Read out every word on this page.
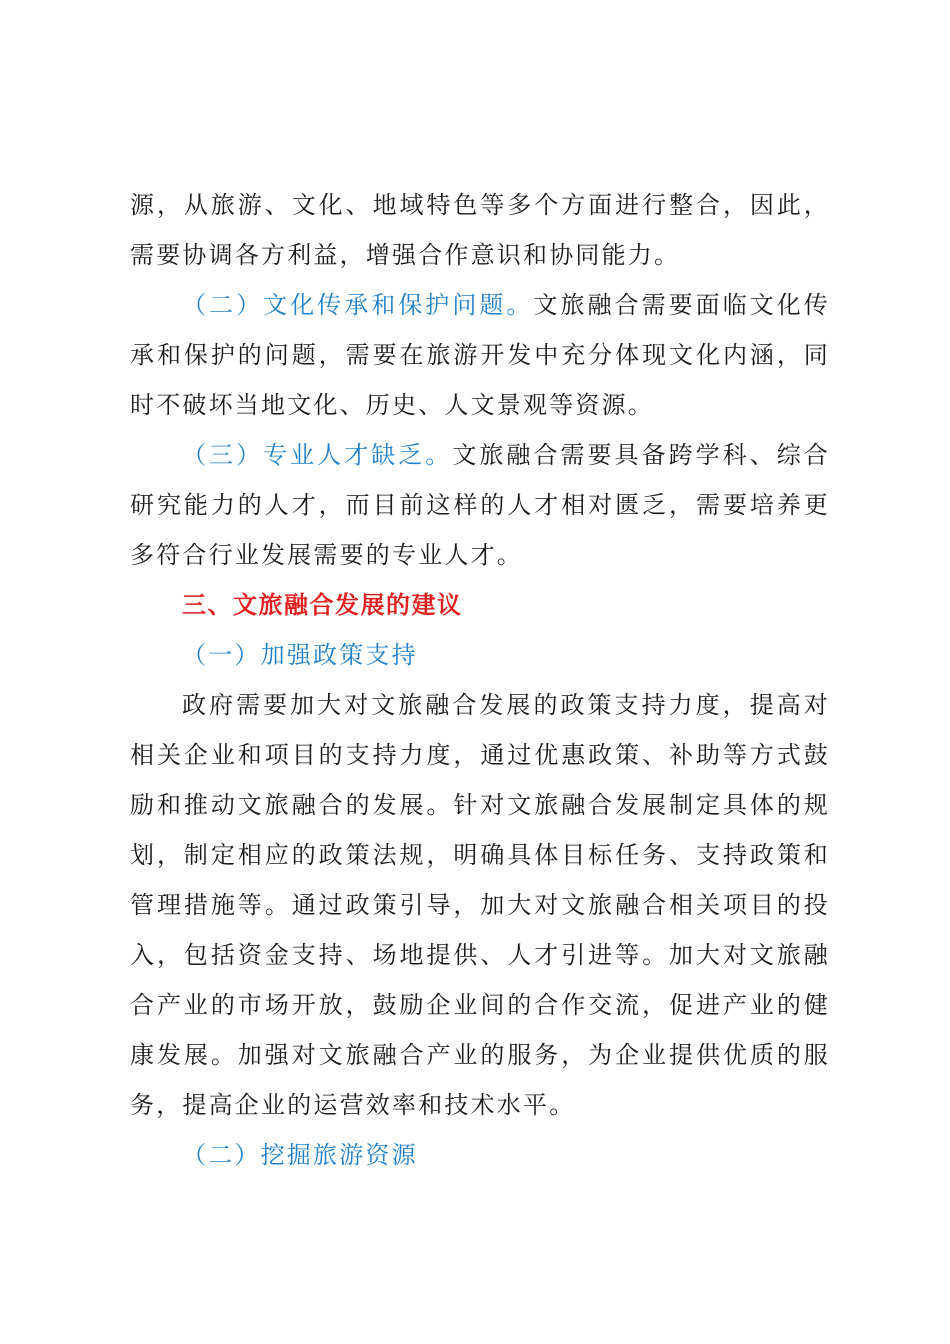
源，从旅游、文化、地域特色等多个方面进行整合，因此，需要协调各方利益，增强合作意识和协同能力。

（二）文化传承和保护问题。文旅融合需要面临文化传承和保护的问题，需要在旅游开发中充分体现文化内涵，同时不破坏当地文化、历史、人文景观等资源。

（三）专业人才缺乏。文旅融合需要具备跨学科、综合研究能力的人才，而目前这样的人才相对匮乏，需要培养更多符合行业发展需要的专业人才。

三、文旅融合发展的建议

（一）加强政策支持

政府需要加大对文旅融合发展的政策支持力度，提高对相关企业和项目的支持力度，通过优惠政策、补助等方式鼓励和推动文旅融合的发展。针对文旅融合发展制定具体的规划，制定相应的政策法规，明确具体目标任务、支持政策和管理措施等。通过政策引导，加大对文旅融合相关项目的投入，包括资金支持、场地提供、人才引进等。加大对文旅融合产业的市场开放，鼓励企业间的合作交流，促进产业的健康发展。加强对文旅融合产业的服务，为企业提供优质的服务，提高企业的运营效率和技术水平。

（二）挖掘旅游资源
